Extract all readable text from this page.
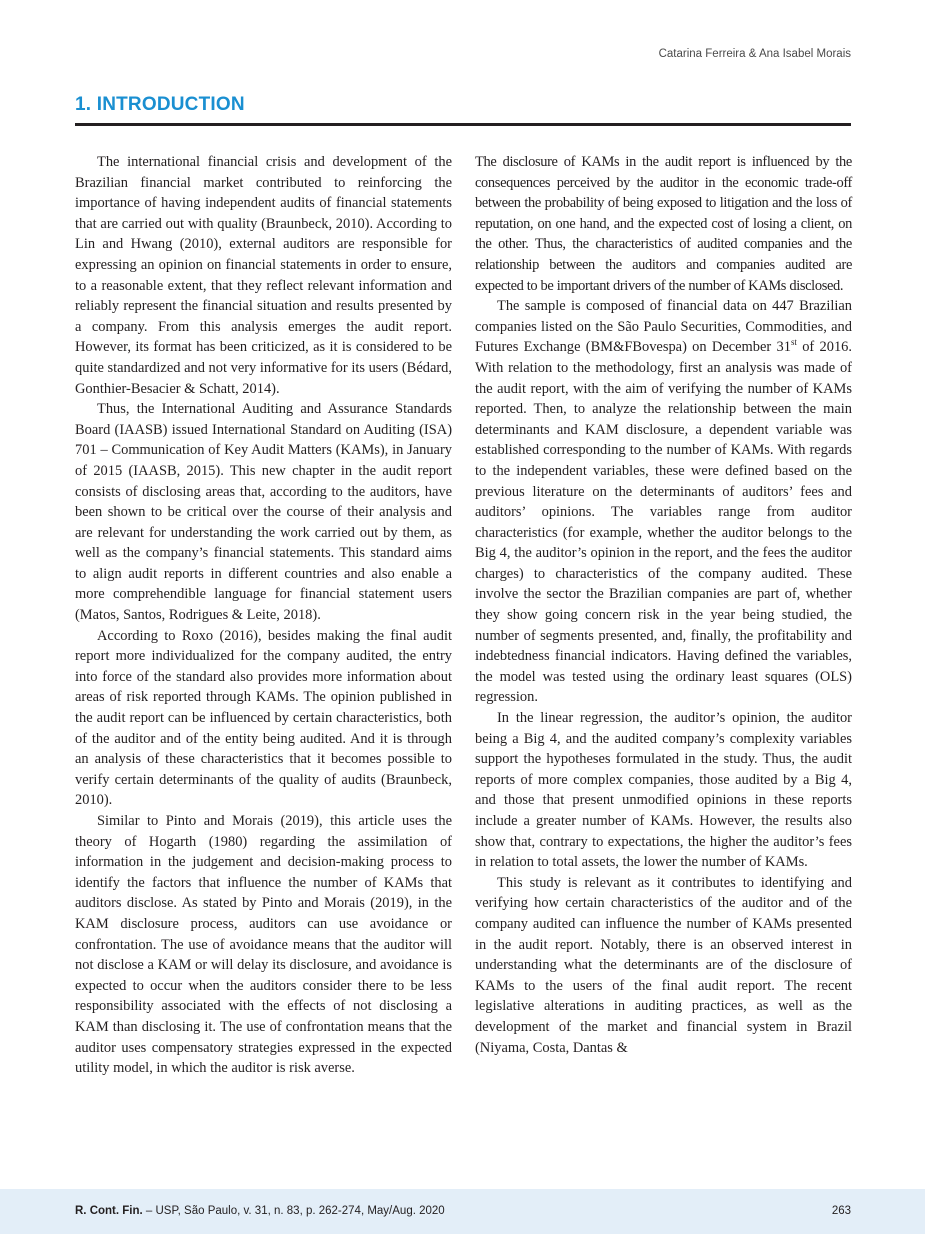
Catarina Ferreira & Ana Isabel Morais
1. INTRODUCTION

The international financial crisis and development of the Brazilian financial market contributed to reinforcing the importance of having independent audits of financial statements that are carried out with quality (Braunbeck, 2010). According to Lin and Hwang (2010), external auditors are responsible for expressing an opinion on financial statements in order to ensure, to a reasonable extent, that they reflect relevant information and reliably represent the financial situation and results presented by a company. From this analysis emerges the audit report. However, its format has been criticized, as it is considered to be quite standardized and not very informative for its users (Bédard, Gonthier-Besacier & Schatt, 2014).

Thus, the International Auditing and Assurance Standards Board (IAASB) issued International Standard on Auditing (ISA) 701 – Communication of Key Audit Matters (KAMs), in January of 2015 (IAASB, 2015). This new chapter in the audit report consists of disclosing areas that, according to the auditors, have been shown to be critical over the course of their analysis and are relevant for understanding the work carried out by them, as well as the company’s financial statements. This standard aims to align audit reports in different countries and also enable a more comprehendible language for financial statement users (Matos, Santos, Rodrigues & Leite, 2018).

According to Roxo (2016), besides making the final audit report more individualized for the company audited, the entry into force of the standard also provides more information about areas of risk reported through KAMs. The opinion published in the audit report can be influenced by certain characteristics, both of the auditor and of the entity being audited. And it is through an analysis of these characteristics that it becomes possible to verify certain determinants of the quality of audits (Braunbeck, 2010).

Similar to Pinto and Morais (2019), this article uses the theory of Hogarth (1980) regarding the assimilation of information in the judgement and decision-making process to identify the factors that influence the number of KAMs that auditors disclose. As stated by Pinto and Morais (2019), in the KAM disclosure process, auditors can use avoidance or confrontation. The use of avoidance means that the auditor will not disclose a KAM or will delay its disclosure, and avoidance is expected to occur when the auditors consider there to be less responsibility associated with the effects of not disclosing a KAM than disclosing it. The use of confrontation means that the auditor uses compensatory strategies expressed in the expected utility model, in which the auditor is risk averse.

The disclosure of KAMs in the audit report is influenced by the consequences perceived by the auditor in the economic trade-off between the probability of being exposed to litigation and the loss of reputation, on one hand, and the expected cost of losing a client, on the other. Thus, the characteristics of audited companies and the relationship between the auditors and companies audited are expected to be important drivers of the number of KAMs disclosed.

The sample is composed of financial data on 447 Brazilian companies listed on the São Paulo Securities, Commodities, and Futures Exchange (BM&FBovespa) on December 31st of 2016. With relation to the methodology, first an analysis was made of the audit report, with the aim of verifying the number of KAMs reported. Then, to analyze the relationship between the main determinants and KAM disclosure, a dependent variable was established corresponding to the number of KAMs. With regards to the independent variables, these were defined based on the previous literature on the determinants of auditors’ fees and auditors’ opinions. The variables range from auditor characteristics (for example, whether the auditor belongs to the Big 4, the auditor’s opinion in the report, and the fees the auditor charges) to characteristics of the company audited. These involve the sector the Brazilian companies are part of, whether they show going concern risk in the year being studied, the number of segments presented, and, finally, the profitability and indebtedness financial indicators. Having defined the variables, the model was tested using the ordinary least squares (OLS) regression.

In the linear regression, the auditor’s opinion, the auditor being a Big 4, and the audited company’s complexity variables support the hypotheses formulated in the study. Thus, the audit reports of more complex companies, those audited by a Big 4, and those that present unmodified opinions in these reports include a greater number of KAMs. However, the results also show that, contrary to expectations, the higher the auditor’s fees in relation to total assets, the lower the number of KAMs.

This study is relevant as it contributes to identifying and verifying how certain characteristics of the auditor and of the company audited can influence the number of KAMs presented in the audit report. Notably, there is an observed interest in understanding what the determinants are of the disclosure of KAMs to the users of the final audit report. The recent legislative alterations in auditing practices, as well as the development of the market and financial system in Brazil (Niyama, Costa, Dantas &

R. Cont. Fin. – USP, São Paulo, v. 31, n. 83, p. 262-274, May/Aug. 2020	263
